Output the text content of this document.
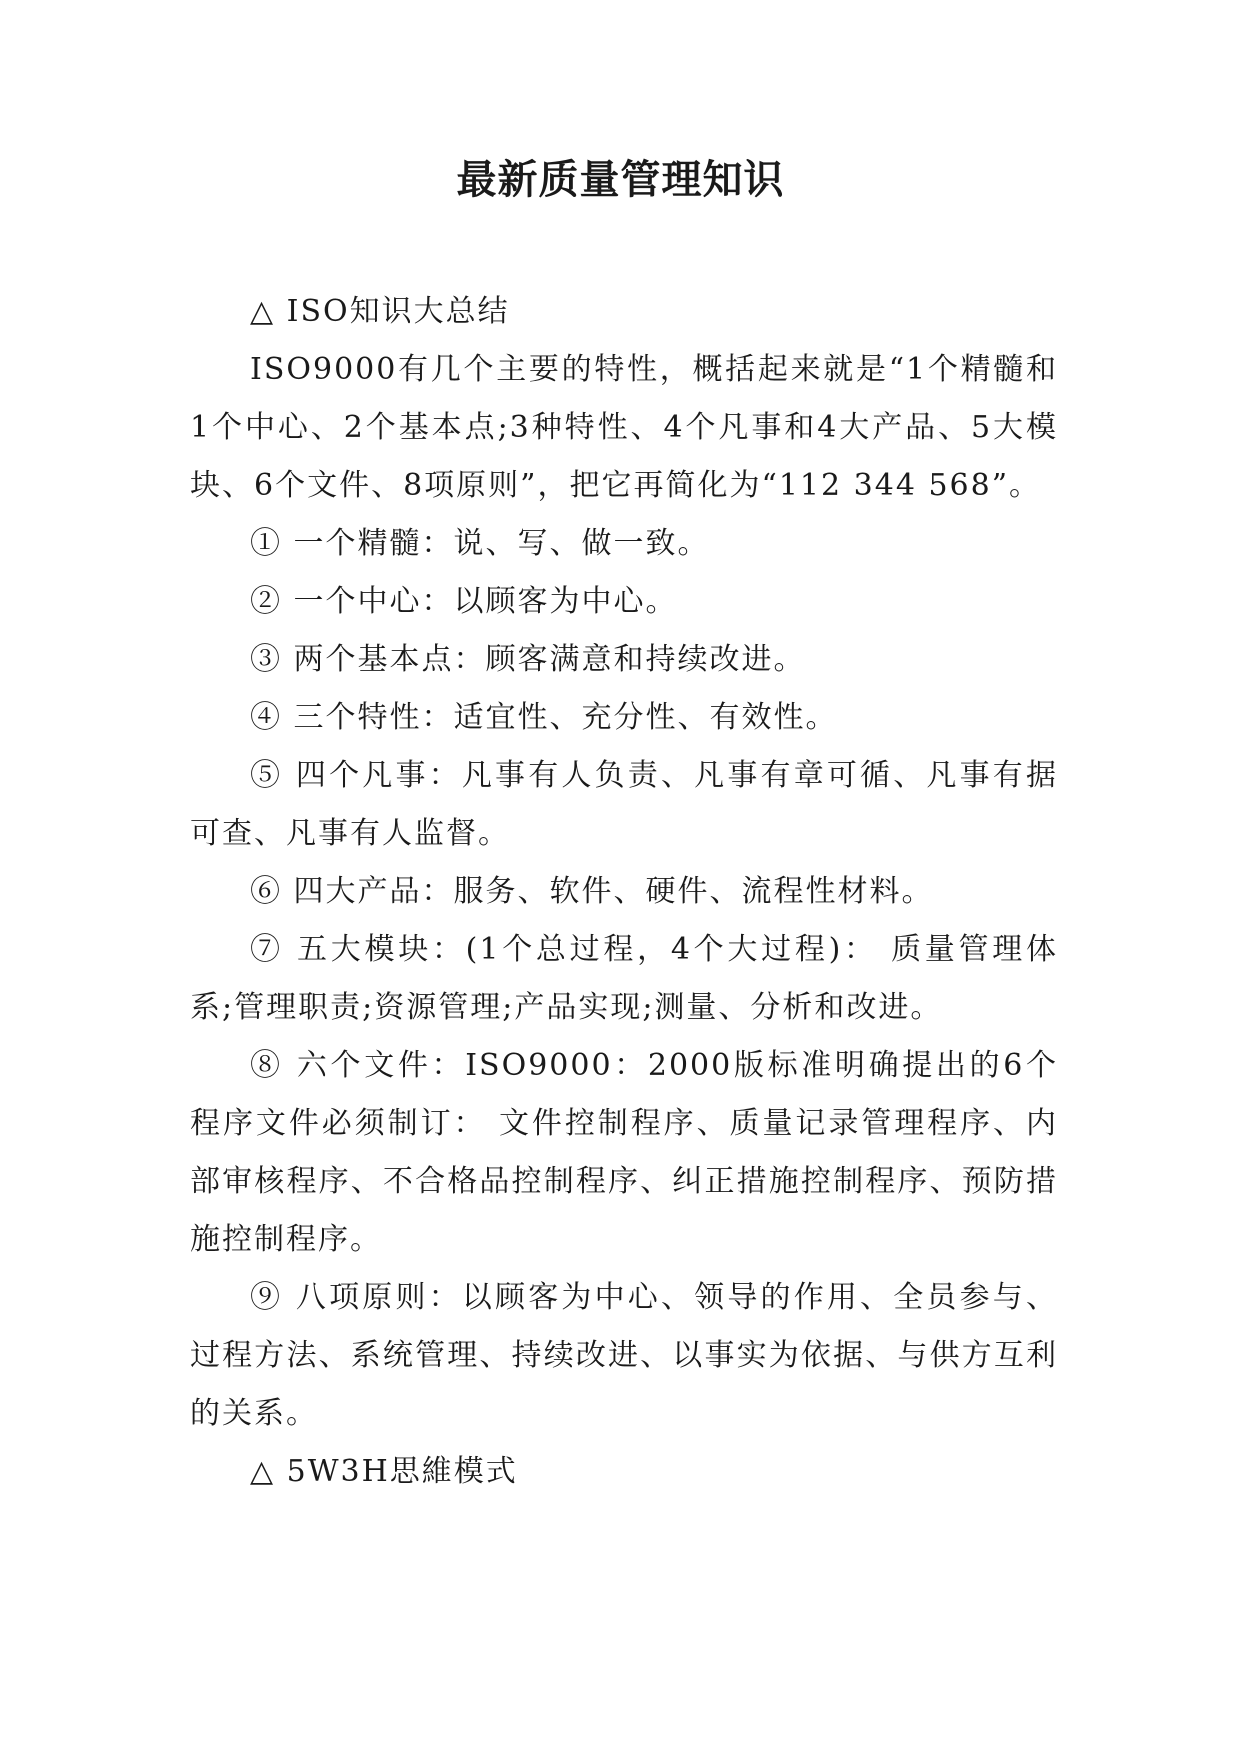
最新质量管理知识

△ ISO知识大总结

ISO9000有几个主要的特性，概括起来就是“1个精髓和1个中心、2个基本点;3种特性、4个凡事和4大产品、5大模块、6个文件、8项原则”，把它再简化为“112 344 568”。

① 一个精髓：说、写、做一致。

② 一个中心：以顾客为中心。

③ 两个基本点：顾客满意和持续改进。

④ 三个特性：适宜性、充分性、有效性。

⑤ 四个凡事：凡事有人负责、凡事有章可循、凡事有据可查、凡事有人监督。

⑥ 四大产品：服务、软件、硬件、流程性材料。

⑦ 五大模块：(1个总过程，4个大过程)： 质量管理体系;管理职责;资源管理;产品实现;测量、分析和改进。

⑧ 六个文件：ISO9000：2000版标准明确提出的6个程序文件必须制订： 文件控制程序、质量记录管理程序、内部审核程序、不合格品控制程序、纠正措施控制程序、预防措施控制程序。

⑨ 八项原则：以顾客为中心、领导的作用、全员参与、过程方法、系统管理、持续改进、以事实为依据、与供方互利的关系。

△ 5W3H思維模式
